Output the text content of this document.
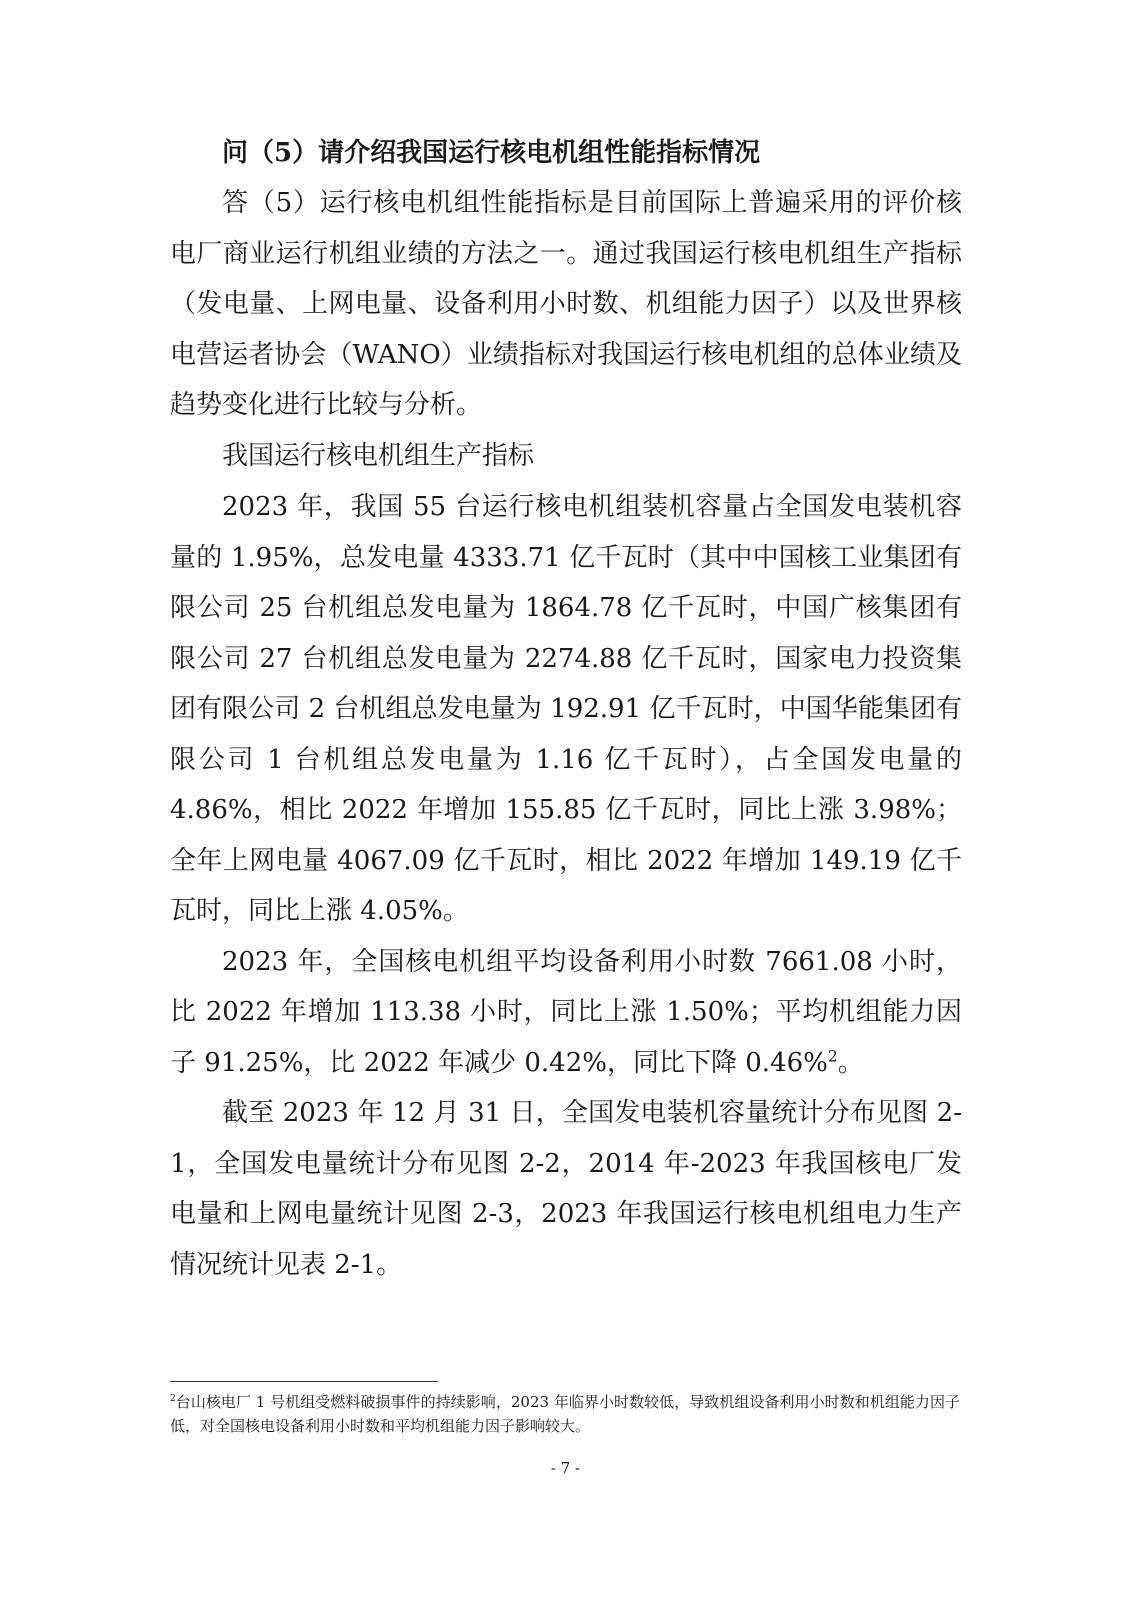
问（5）请介绍我国运行核电机组性能指标情况

答（5）运行核电机组性能指标是目前国际上普遍采用的评价核电厂商业运行机组业绩的方法之一。通过我国运行核电机组生产指标（发电量、上网电量、设备利用小时数、机组能力因子）以及世界核电营运者协会（WANO）业绩指标对我国运行核电机组的总体业绩及趋势变化进行比较与分析。

我国运行核电机组生产指标

2023 年，我国 55 台运行核电机组装机容量占全国发电装机容量的 1.95%，总发电量 4333.71 亿千瓦时（其中中国核工业集团有限公司 25 台机组总发电量为 1864.78 亿千瓦时，中国广核集团有限公司 27 台机组总发电量为 2274.88 亿千瓦时，国家电力投资集团有限公司 2 台机组总发电量为 192.91 亿千瓦时，中国华能集团有限公司 1 台机组总发电量为 1.16 亿千瓦时），占全国发电量的 4.86%，相比 2022 年增加 155.85 亿千瓦时，同比上涨 3.98%；全年上网电量 4067.09 亿千瓦时，相比 2022 年增加 149.19 亿千瓦时，同比上涨 4.05%。

2023 年，全国核电机组平均设备利用小时数 7661.08 小时，比 2022 年增加 113.38 小时，同比上涨 1.50%；平均机组能力因子 91.25%，比 2022 年减少 0.42%，同比下降 0.46%$^2$。

截至 2023 年 12 月 31 日，全国发电装机容量统计分布见图 2-1，全国发电量统计分布见图 2-2，2014 年-2023 年我国核电厂发电量和上网电量统计见图 2-3，2023 年我国运行核电机组电力生产情况统计见表 2-1。

$^2$台山核电厂 1 号机组受燃料破损事件的持续影响，2023 年临界小时数较低，导致机组设备利用小时数和机组能力因子低，对全国核电设备利用小时数和平均机组能力因子影响较大。
- 7 -
